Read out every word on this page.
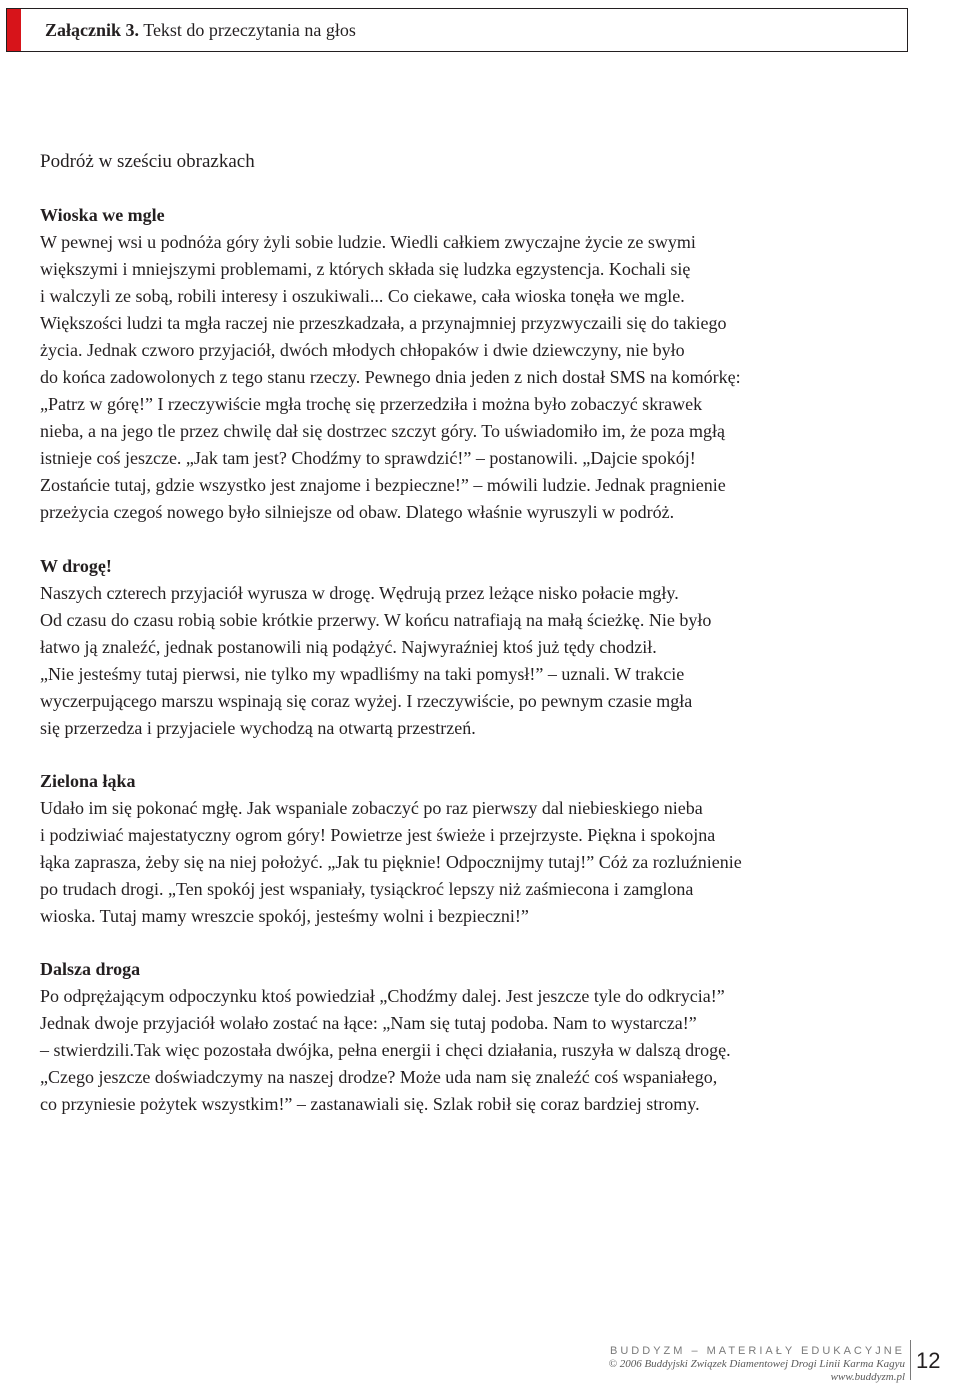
Załącznik 3. Tekst do przeczytania na głos
Podróż w sześciu obrazkach
Wioska we mgle
W pewnej wsi u podnóża góry żyli sobie ludzie. Wiedli całkiem zwyczajne życie ze swymi
większymi i mniejszymi problemami, z których składa się ludzka egzystencja. Kochali się
i walczyli ze sobą, robili interesy i oszukiwali... Co ciekawe, cała wioska tonęła we mgle.
Większości ludzi ta mgła raczej nie przeszkadzała, a przynajmniej przyzwyczaili się do takiego
życia. Jednak czworo przyjaciół, dwóch młodych chłopaków i dwie dziewczyny, nie było
do końca zadowolonych z tego stanu rzeczy. Pewnego dnia jeden z nich dostał SMS na komórkę:
„Patrz w górę!” I rzeczywiście mgła trochę się przerzedziła i można było zobaczyć skrawek
nieba, a na jego tle przez chwilę dał się dostrzec szczyt góry. To uświadomiło im, że poza mgłą
istnieje coś jeszcze. „Jak tam jest? Chodźmy to sprawdzić!” – postanowili. „Dajcie spokój!
Zostańcie tutaj, gdzie wszystko jest znajome i bezpieczne!” – mówili ludzie. Jednak pragnienie
przeżycia czegoś nowego było silniejsze od obaw. Dlatego właśnie wyruszyli w podróż.
W drogę!
Naszych czterech przyjaciół wyrusza w drogę. Wędrują przez leżące nisko połacie mgły.
Od czasu do czasu robią sobie krótkie przerwy. W końcu natrafiają na małą ścieżkę. Nie było
łatwo ją znaleźć, jednak postanowili nią podążyć. Najwyraźniej ktoś już tędy chodził.
„Nie jesteśmy tutaj pierwsi, nie tylko my wpadliśmy na taki pomysł!” – uznali. W trakcie
wyczerpującego marszu wspinają się coraz wyżej. I rzeczywiście, po pewnym czasie mgła
się przerzedza i przyjaciele wychodzą na otwartą przestrzeń.
Zielona łąka
Udało im się pokonać mgłę. Jak wspaniale zobaczyć po raz pierwszy dal niebieskiego nieba
i podziwiać majestatyczny ogrom góry! Powietrze jest świeże i przejrzyste. Piękna i spokojna
łąka zaprasza, żeby się na niej położyć. „Jak tu pięknie! Odpocznijmy tutaj!” Cóż za rozluźnienie
po trudach drogi. „Ten spokój jest wspaniały, tysiąckroć lepszy niż zaśmiecona i zamglona
wioska. Tutaj mamy wreszcie spokój, jesteśmy wolni i bezpieczni!”
Dalsza droga
Po odprężającym odpoczynku ktoś powiedział „Chodźmy dalej. Jest jeszcze tyle do odkrycia!”
Jednak dwoje przyjaciół wolało zostać na łące: „Nam się tutaj podoba. Nam to wystarcza!”
– stwierdzili.Tak więc pozostała dwójka, pełna energii i chęci działania, ruszyła w dalszą drogę.
„Czego jeszcze doświadczymy na naszej drodze? Może uda nam się znaleźć coś wspaniałego,
co przyniesie pożytek wszystkim!” – zastanawiali się. Szlak robił się coraz bardziej stromy.
BUDDYZM – MATERIAŁY EDUKACYJNE
© 2006 Buddyjski Związek Diamentowej Drogi Linii Karma Kagyu
www.buddyzm.pl
12
